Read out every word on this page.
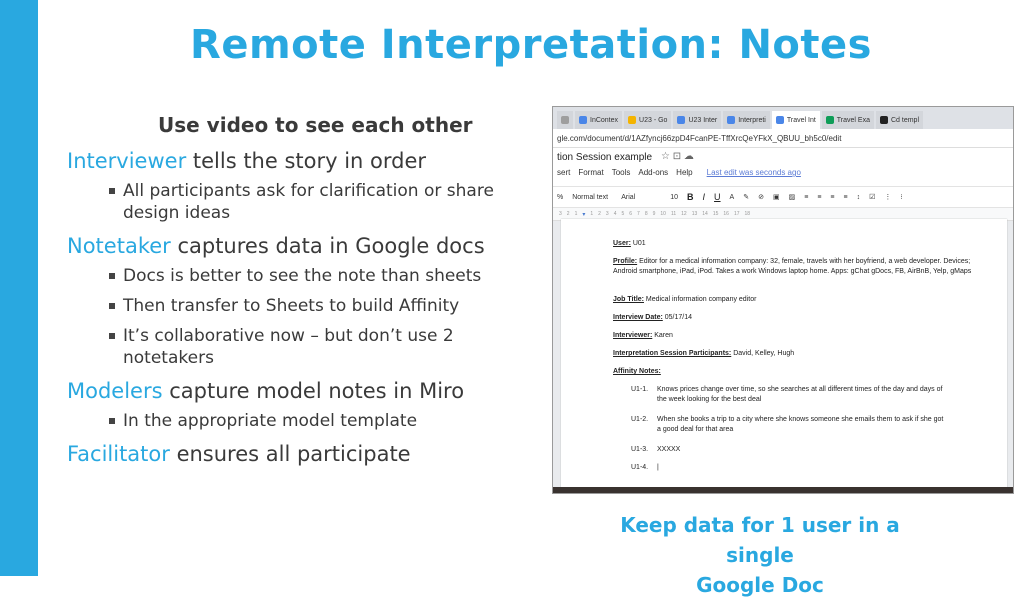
Remote Interpretation: Notes
Use video to see each other
Interviewer tells the story in order
All participants ask for clarification or share design ideas
Notetaker captures data in Google docs
Docs is better to see the note than sheets
Then transfer to Sheets to build Affinity
It’s collaborative now – but don’t use 2 notetakers
Modelers capture model notes in Miro
In the appropriate model template
Facilitator ensures all participate
InContex	U23 - Go	U23 Inter	Interpreti	Travel Int	Travel Exa	Cd templ
gle.com/document/d/1AZfyncj66zpD4FcanPE-TffXrcQeYFkX_QBUU_bh5c0/edit
tion Session example ☆ ⊡ ☁
sert Format Tools Add-ons Help Last edit was seconds ago
% Normal text	Arial	10 B I U A ✎ ⊘ ▣ ▨ ≡ ≡ ≡ ≡ ↕ ☑ ⋮ ⁝
3 2 1 ▾ 1 2 3 4 5 6 7 8 9 10 11 12 13 14 15 16 17 18
User: U01
Profile: Editor for a medical information company: 32, female, travels with her boyfriend, a web developer. Devices; Android smartphone, iPad, iPod. Takes a work Windows laptop home. Apps: gChat gDocs, FB, AirBnB, Yelp, gMaps
Job Title: Medical information company editor
Interview Date: 05/17/14
Interviewer: Karen
Interpretation Session Participants: David, Kelley, Hugh
Affinity Notes:
U1-1. Knows prices change over time, so she searches at all different times of the day and days of
the week looking for the best deal
U1-2. When she books a trip to a city where she knows someone she emails them to ask if she got
a good deal for that area
U1-3. XXXXX
U1-4. |
Keep data for 1 user in a single
Google Doc
